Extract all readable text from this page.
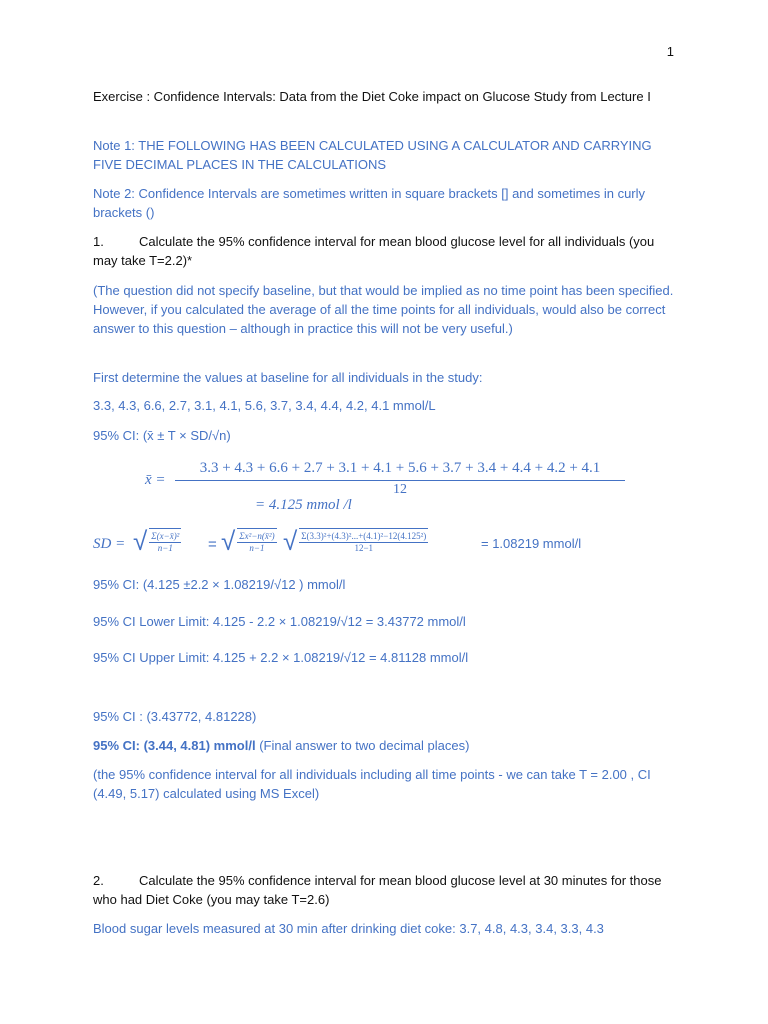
1
Exercise : Confidence Intervals: Data from the Diet Coke impact on Glucose Study from Lecture I
Note 1: THE FOLLOWING HAS BEEN CALCULATED USING A CALCULATOR AND CARRYING FIVE DECIMAL PLACES IN THE CALCULATIONS
Note 2: Confidence Intervals are sometimes written in square brackets [] and sometimes in curly brackets ()
1.	Calculate the 95% confidence interval for mean blood glucose level for all individuals (you may take T=2.2)*
(The question did not specify baseline, but that would be implied as no time point has been specified. However, if you calculated the average of all the time points for all individuals, would also be correct answer to this question – although in practice this will not be very useful.)
First determine the values at baseline for all individuals in the study:
3.3, 4.3, 6.6, 2.7, 3.1, 4.1, 5.6, 3.7, 3.4, 4.4, 4.2, 4.1 mmol/L
95% CI: (x̄ ± T × SD/√n)
x̄ =
3.3 + 4.3 + 6.6 + 2.7 + 3.1 + 4.1 + 5.6 + 3.7 + 3.4 + 4.4 + 4.2 + 4.1
12
= 4.125 mmol /l
SD = √ $\frac{\text{Σ(x−x̄)²}}{n-1}$ = √ $\frac{\text{Σx²−n(x̄²)}}{n-1}$ √ $\frac{\text{Σ(3.3)²+(4.3)²...+(4.1)²−12(4.125²)}}{12-1}$	= 1.08219 mmol/l
95% CI: (4.125 ±2.2 × 1.08219/√12 ) mmol/l
95% CI Lower Limit: 4.125 - 2.2 × 1.08219/√12 = 3.43772 mmol/l
95% CI Upper Limit: 4.125 + 2.2 × 1.08219/√12 = 4.81128 mmol/l
95% CI : (3.43772, 4.81228)
95% CI: (3.44, 4.81) mmol/l (Final answer to two decimal places)
(the 95% confidence interval for all individuals including all time points - we can take T = 2.00 , CI (4.49, 5.17) calculated using MS Excel)
2.	Calculate the 95% confidence interval for mean blood glucose level at 30 minutes for those who had Diet Coke (you may take T=2.6)
Blood sugar levels measured at 30 min after drinking diet coke: 3.7, 4.8, 4.3, 3.4, 3.3, 4.3
